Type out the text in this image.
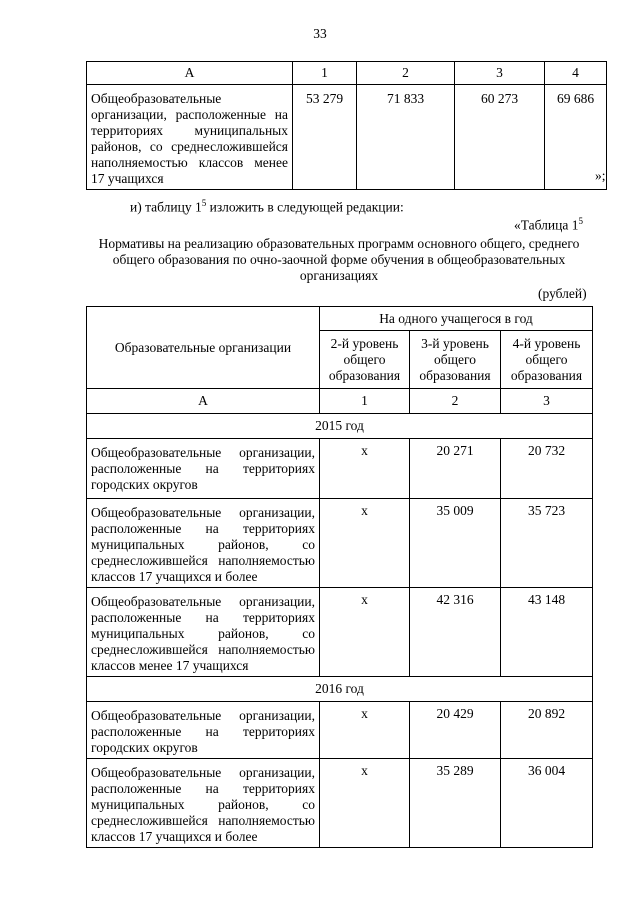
33
А	1	2	3	4
Общеобразовательные организации, расположенные на территориях муниципальных районов, со среднесложившейся наполняемостью классов менее 17 учащихся	53 279	71 833	60 273	69 686
»;
и) таблицу $1^5$ изложить в следующей редакции:
«Таблица $1^5$
Нормативы на реализацию образовательных программ основного общего, среднего общего образования по очно-заочной форме обучения в общеобразовательных организациях
(рублей)
Образовательные организации	На одного учащегося в год		
	2-й уровень общего образования	3-й уровень общего образования	4-й уровень общего образования
А	1	2	3
2015 год			
Общеобразовательные организации, расположенные на территориях городских округов	х	20 271	20 732
Общеобразовательные организации, расположенные на территориях муниципальных районов, со среднесложившейся наполняемостью классов 17 учащихся и более	х	35 009	35 723
Общеобразовательные организации, расположенные на территориях муниципальных районов, со среднесложившейся наполняемостью классов менее 17 учащихся	х	42 316	43 148
2016 год			
Общеобразовательные организации, расположенные на территориях городских округов	х	20 429	20 892
Общеобразовательные организации, расположенные на территориях муниципальных районов, со среднесложившейся наполняемостью классов 17 учащихся и более	х	35 289	36 004
